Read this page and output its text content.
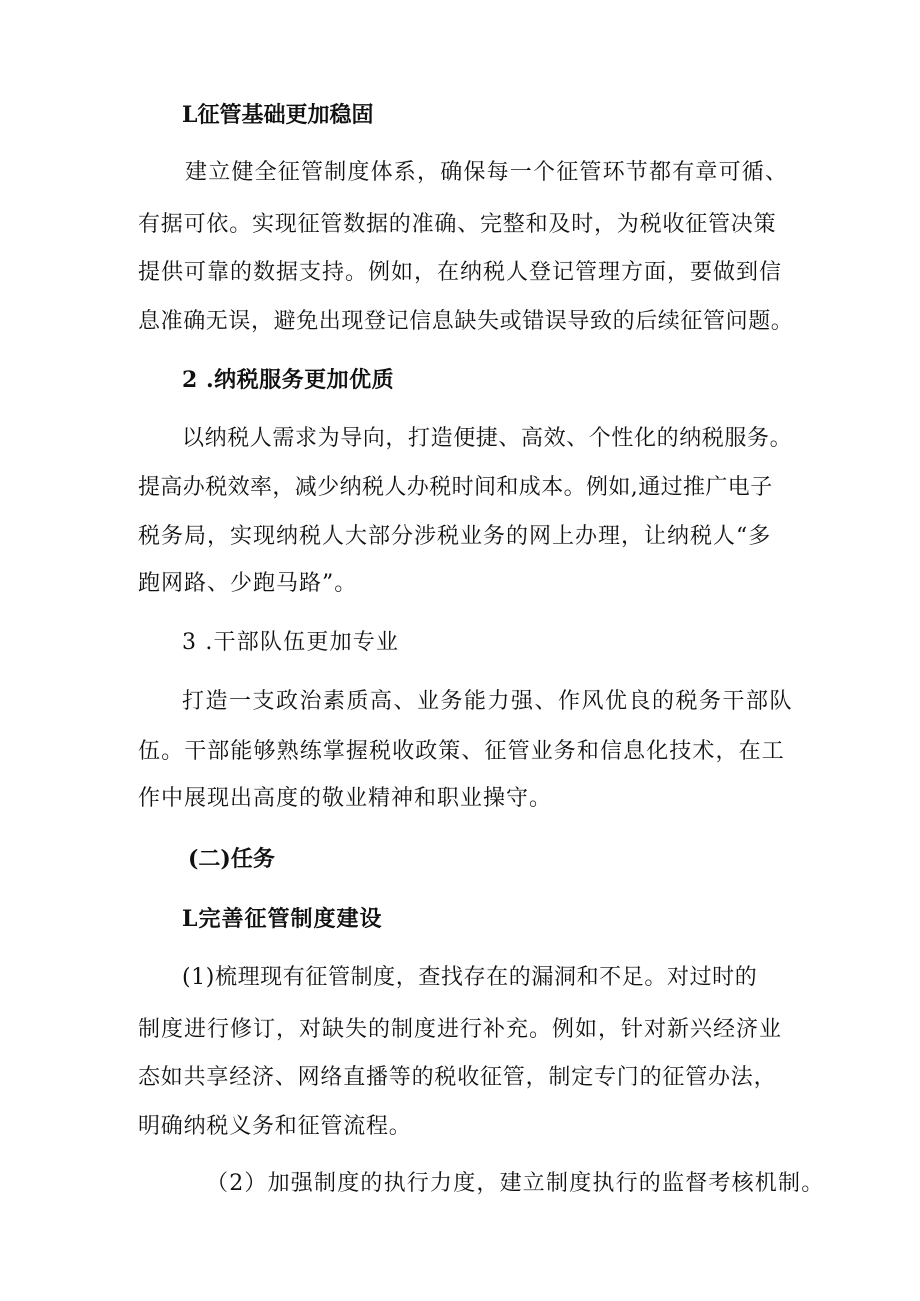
L征管基础更加稳固
建立健全征管制度体系，确保每一个征管环节都有章可循、
有据可依。实现征管数据的准确、完整和及时，为税收征管决策
提供可靠的数据支持。例如，在纳税人登记管理方面，要做到信
息准确无误，避免出现登记信息缺失或错误导致的后续征管问题。
2 .纳税服务更加优质
以纳税人需求为导向，打造便捷、高效、个性化的纳税服务。
提高办税效率，减少纳税人办税时间和成本。例如,通过推广电子
税务局，实现纳税人大部分涉税业务的网上办理，让纳税人“多
跑网路、少跑马路”。
3 .干部队伍更加专业
打造一支政治素质高、业务能力强、作风优良的税务干部队
伍。干部能够熟练掌握税收政策、征管业务和信息化技术，在工
作中展现出高度的敬业精神和职业操守。
(二)任务
L完善征管制度建设
(1)梳理现有征管制度，查找存在的漏洞和不足。对过时的
制度进行修订，对缺失的制度进行补充。例如，针对新兴经济业
态如共享经济、网络直播等的税收征管，制定专门的征管办法，
明确纳税义务和征管流程。
（2）加强制度的执行力度，建立制度执行的监督考核机制。
